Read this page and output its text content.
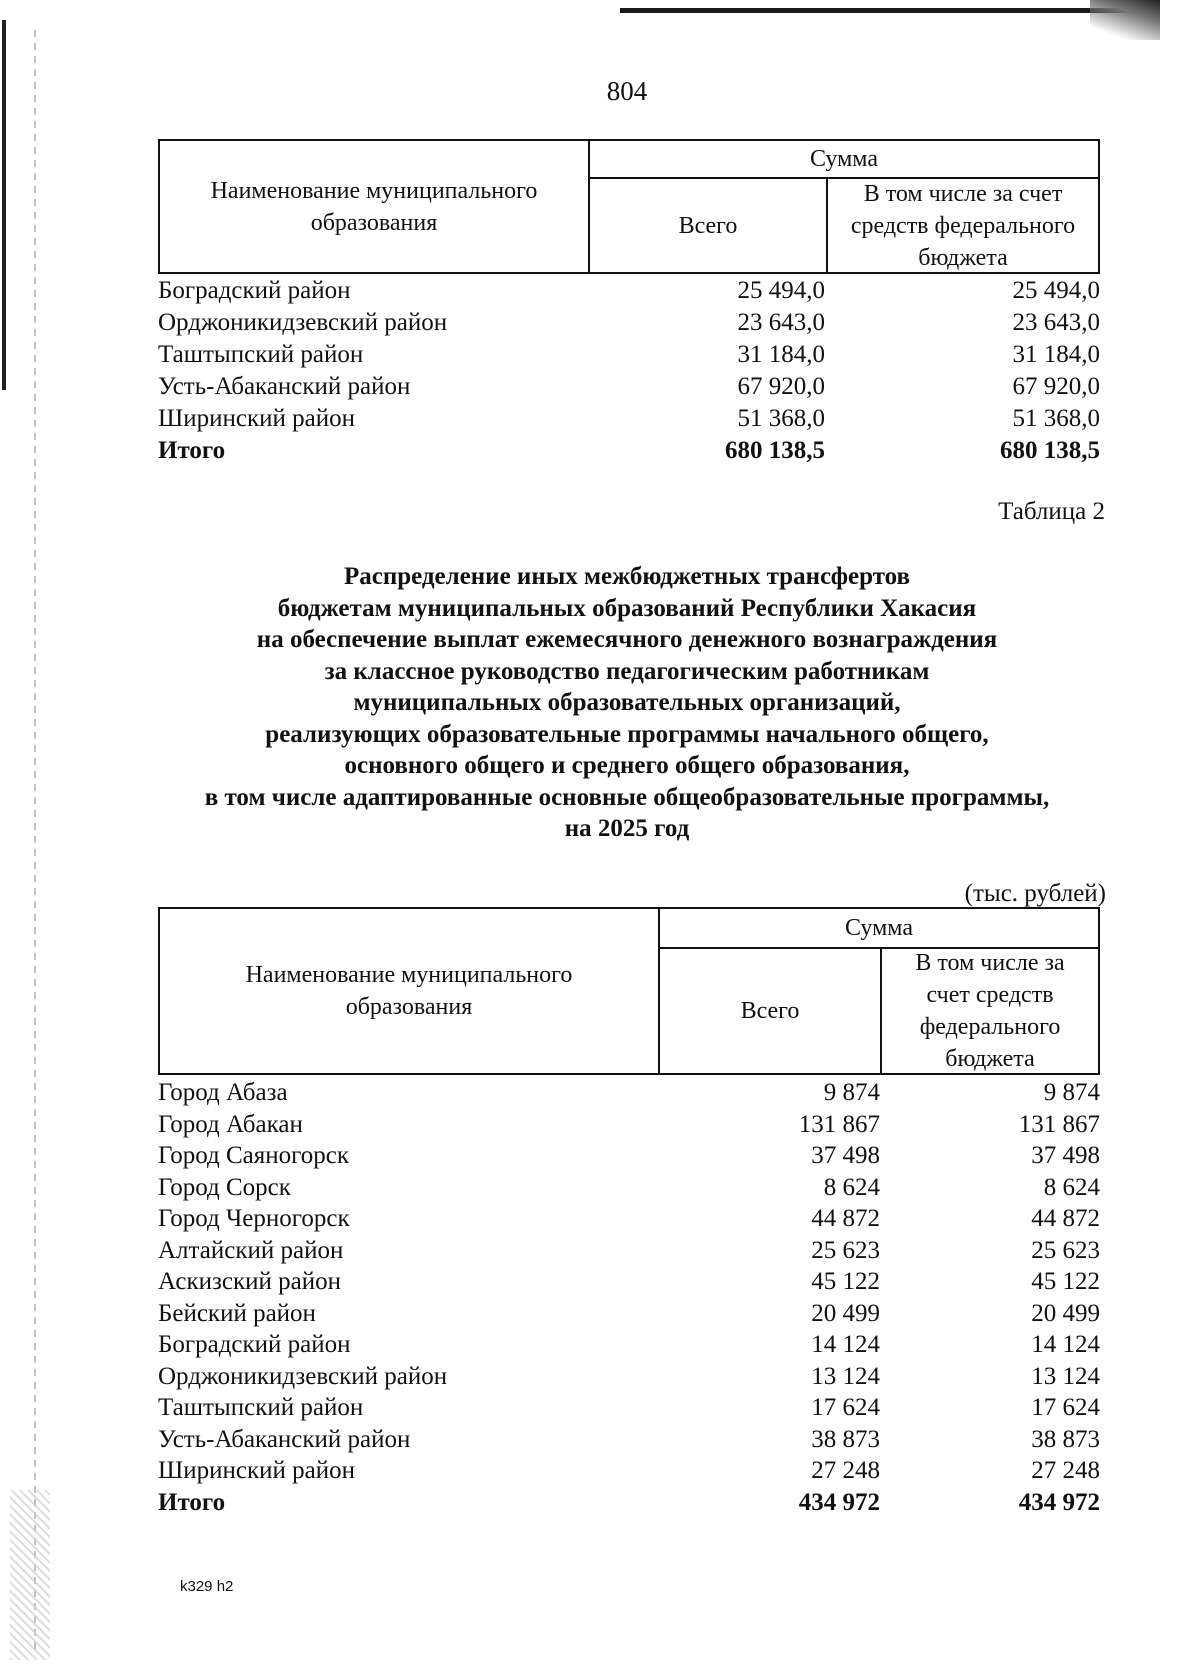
804
Наименование муниципального образования
Сумма
Всего
В том числе за счет средств федерального бюджета
Боградский район	25 494,0	25 494,0
Орджоникидзевский район	23 643,0	23 643,0
Таштыпский район	31 184,0	31 184,0
Усть-Абаканский район	67 920,0	67 920,0
Ширинский район	51 368,0	51 368,0
Итого	680 138,5	680 138,5
Таблица 2
Распределение иных межбюджетных трансфертов
бюджетам муниципальных образований Республики Хакасия
на обеспечение выплат ежемесячного денежного вознаграждения
за классное руководство педагогическим работникам
муниципальных образовательных организаций,
реализующих образовательные программы начального общего,
основного общего и среднего общего образования,
в том числе адаптированные основные общеобразовательные программы,
на 2025 год
(тыс. рублей)
Наименование муниципального образования
Сумма
Всего
В том числе за счет средств федерального бюджета
Город Абаза	9 874	9 874
Город Абакан	131 867	131 867
Город Саяногорск	37 498	37 498
Город Сорск	8 624	8 624
Город Черногорск	44 872	44 872
Алтайский район	25 623	25 623
Аскизский район	45 122	45 122
Бейский район	20 499	20 499
Боградский район	14 124	14 124
Орджоникидзевский район	13 124	13 124
Таштыпский район	17 624	17 624
Усть-Абаканский район	38 873	38 873
Ширинский район	27 248	27 248
Итого	434 972	434 972
k329 h2
